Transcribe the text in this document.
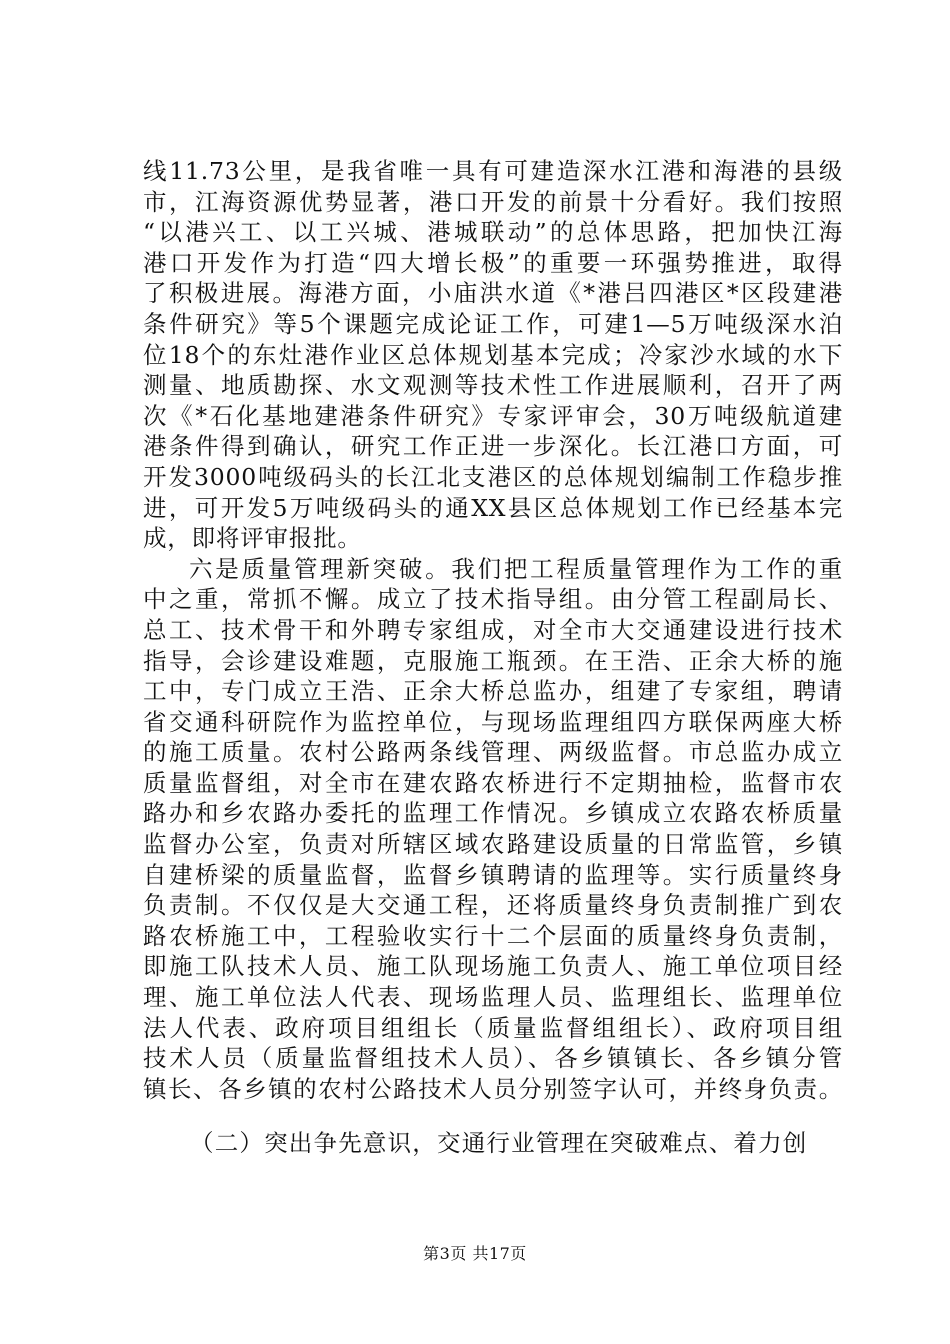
线11.73公里，是我省唯一具有可建造深水江港和海港的县级
市，江海资源优势显著，港口开发的前景十分看好。我们按照
“以港兴工、以工兴城、港城联动”的总体思路，把加快江海
港口开发作为打造“四大增长极”的重要一环强势推进，取得
了积极进展。海港方面，小庙洪水道《*港吕四港区*区段建港
条件研究》等5个课题完成论证工作，可建1—5万吨级深水泊
位18个的东灶港作业区总体规划基本完成；冷家沙水域的水下
测量、地质勘探、水文观测等技术性工作进展顺利，召开了两
次《*石化基地建港条件研究》专家评审会，30万吨级航道建
港条件得到确认，研究工作正进一步深化。长江港口方面，可
开发3000吨级码头的长江北支港区的总体规划编制工作稳步推
进，可开发5万吨级码头的通XX县区总体规划工作已经基本完
成，即将评审报批。
六是质量管理新突破。我们把工程质量管理作为工作的重
中之重，常抓不懈。成立了技术指导组。由分管工程副局长、
总工、技术骨干和外聘专家组成，对全市大交通建设进行技术
指导，会诊建设难题，克服施工瓶颈。在王浩、正余大桥的施
工中，专门成立王浩、正余大桥总监办，组建了专家组，聘请
省交通科研院作为监控单位，与现场监理组四方联保两座大桥
的施工质量。农村公路两条线管理、两级监督。市总监办成立
质量监督组，对全市在建农路农桥进行不定期抽检，监督市农
路办和乡农路办委托的监理工作情况。乡镇成立农路农桥质量
监督办公室，负责对所辖区域农路建设质量的日常监管，乡镇
自建桥梁的质量监督，监督乡镇聘请的监理等。实行质量终身
负责制。不仅仅是大交通工程，还将质量终身负责制推广到农
路农桥施工中，工程验收实行十二个层面的质量终身负责制，
即施工队技术人员、施工队现场施工负责人、施工单位项目经
理、施工单位法人代表、现场监理人员、监理组长、监理单位
法人代表、政府项目组组长（质量监督组组长）、政府项目组
技术人员（质量监督组技术人员）、各乡镇镇长、各乡镇分管
镇长、各乡镇的农村公路技术人员分别签字认可，并终身负责。
（二）突出争先意识，交通行业管理在突破难点、着力创
第3页 共17页
